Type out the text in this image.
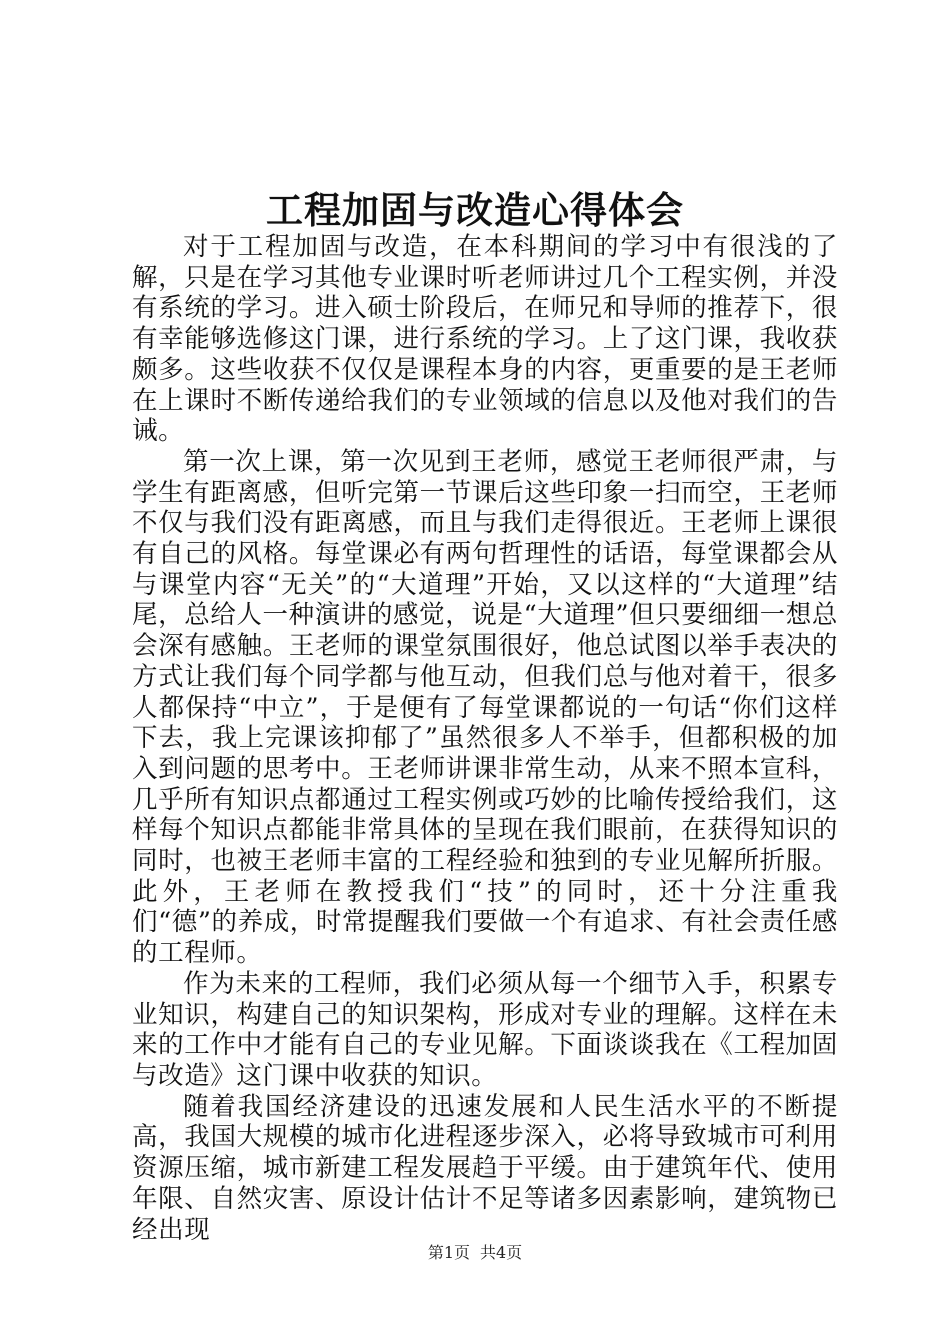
工程加固与改造心得体会

对于工程加固与改造，在本科期间的学习中有很浅的了解，只是在学习其他专业课时听老师讲过几个工程实例，并没有系统的学习。进入硕士阶段后，在师兄和导师的推荐下，很有幸能够选修这门课，进行系统的学习。上了这门课，我收获颇多。这些收获不仅仅是课程本身的内容，更重要的是王老师在上课时不断传递给我们的专业领域的信息以及他对我们的告诫。

第一次上课，第一次见到王老师，感觉王老师很严肃，与学生有距离感，但听完第一节课后这些印象一扫而空，王老师不仅与我们没有距离感，而且与我们走得很近。王老师上课很有自己的风格。每堂课必有两句哲理性的话语，每堂课都会从与课堂内容“无关”的“大道理”开始，又以这样的“大道理”结尾，总给人一种演讲的感觉，说是“大道理”但只要细细一想总会深有感触。王老师的课堂氛围很好，他总试图以举手表决的方式让我们每个同学都与他互动，但我们总与他对着干，很多人都保持“中立”，于是便有了每堂课都说的一句话“你们这样下去，我上完课该抑郁了”虽然很多人不举手，但都积极的加入到问题的思考中。王老师讲课非常生动，从来不照本宣科，几乎所有知识点都通过工程实例或巧妙的比喻传授给我们，这样每个知识点都能非常具体的呈现在我们眼前，在获得知识的同时，也被王老师丰富的工程经验和独到的专业见解所折服。此外，王老师在教授我们“技”的同时，还十分注重我们“德”的养成，时常提醒我们要做一个有追求、有社会责任感的工程师。

作为未来的工程师，我们必须从每一个细节入手，积累专业知识，构建自己的知识架构，形成对专业的理解。这样在未来的工作中才能有自己的专业见解。下面谈谈我在《工程加固与改造》这门课中收获的知识。

随着我国经济建设的迅速发展和人民生活水平的不断提高，我国大规模的城市化进程逐步深入，必将导致城市可利用资源压缩，城市新建工程发展趋于平缓。由于建筑年代、使用年限、自然灾害、原设计估计不足等诸多因素影响，建筑物已经出现

第1页 共4页
